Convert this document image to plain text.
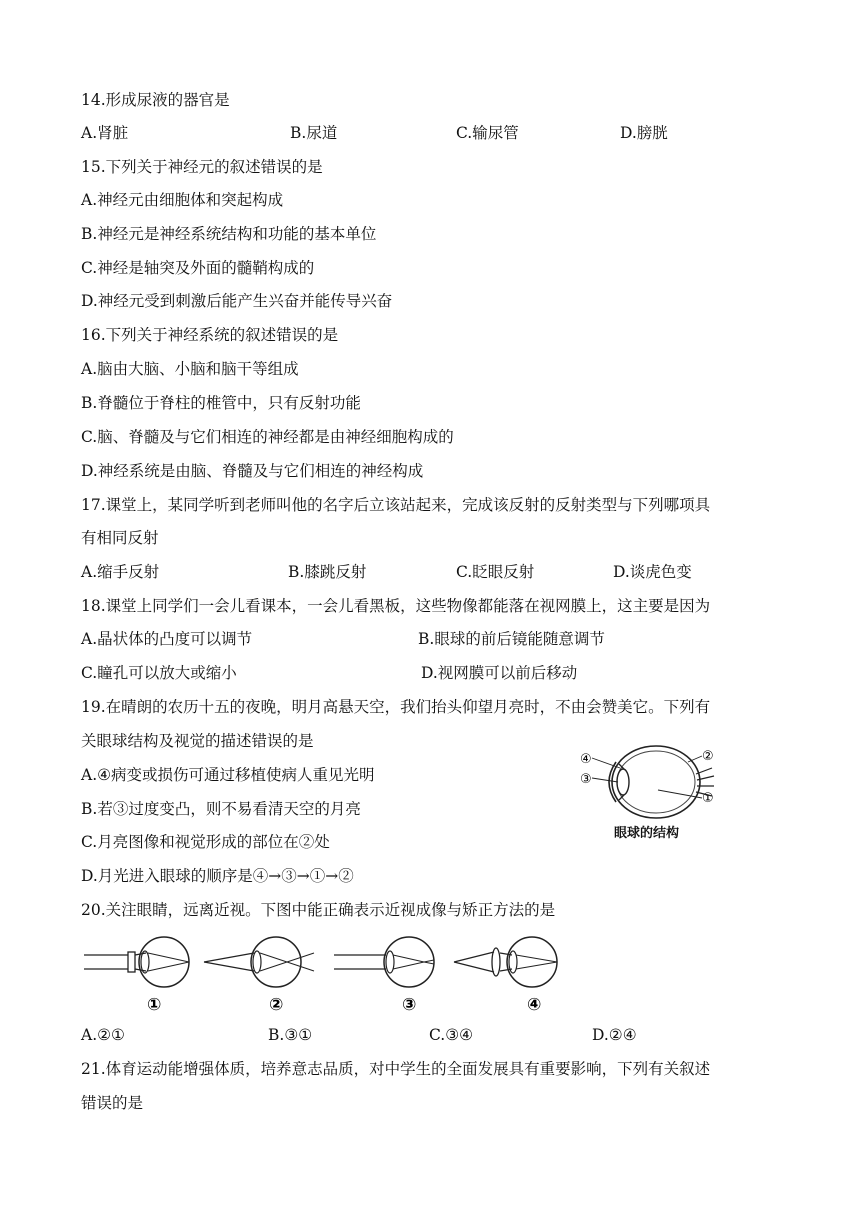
14.形成尿液的器官是
A.肾脏	B.尿道	C.输尿管	D.膀胱
15.下列关于神经元的叙述错误的是
A.神经元由细胞体和突起构成
B.神经元是神经系统结构和功能的基本单位
C.神经是轴突及外面的髓鞘构成的
D.神经元受到刺激后能产生兴奋并能传导兴奋
16.下列关于神经系统的叙述错误的是
A.脑由大脑、小脑和脑干等组成
B.脊髓位于脊柱的椎管中，只有反射功能
C.脑、脊髓及与它们相连的神经都是由神经细胞构成的
D.神经系统是由脑、脊髓及与它们相连的神经构成
17.课堂上，某同学听到老师叫他的名字后立该站起来，完成该反射的反射类型与下列哪项具
有相同反射
A.缩手反射	B.膝跳反射	C.眨眼反射	D.谈虎色变
18.课堂上同学们一会儿看课本，一会儿看黑板，这些物像都能落在视网膜上，这主要是因为
A.晶状体的凸度可以调节	B.眼球的前后镜能随意调节
C.瞳孔可以放大或缩小	D.视网膜可以前后移动
19.在晴朗的农历十五的夜晚，明月高悬天空，我们抬头仰望月亮时，不由会赞美它。下列有
关眼球结构及视觉的描述错误的是
A.④病变或损伤可通过移植使病人重见光明
B.若③过度变凸，则不易看清天空的月亮
C.月亮图像和视觉形成的部位在②处
D.月光进入眼球的顺序是④→③→①→②
④
③
②
①
眼球的结构
20.关注眼睛，远离近视。下图中能正确表示近视成像与矫正方法的是
①	②	③	④
A.②①	B.③①	C.③④	D.②④
21.体育运动能增强体质，培养意志品质，对中学生的全面发展具有重要影响，下列有关叙述
错误的是
